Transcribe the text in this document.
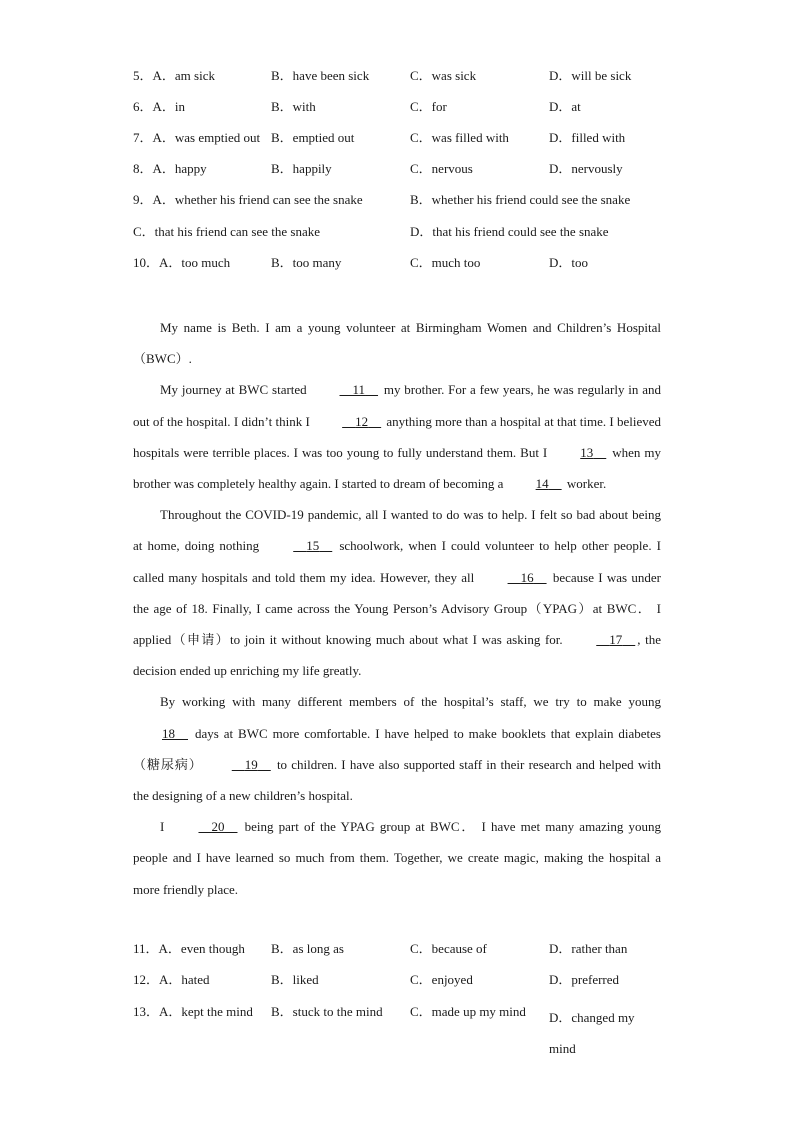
5．A．am sick	B．have been sick	C．was sick	D．will be sick
6．A．in	B．with	C．for	D．at
7．A．was emptied out B．emptied out	C．was filled with	D．filled with
8．A．happy	B．happily	C．nervous	D．nervously
9．A．whether his friend can see the snake	B．whether his friend could see the snake
C．that his friend can see the snake	D．that his friend could see the snake
10．A．too much	B．too many	C．much too	D．too

My name is Beth. I am a young volunteer at Birmingham Women and Children’s Hospital（BWC）.

My journey at BWC started	11     my brother. For a few years, he was regularly in and out of the hospital. I didn’t think I	12     anything more than a hospital at that time. I believed hospitals were terrible places. I was too young to fully understand them. But I 13     when my brother was completely healthy again. I started to dream of becoming a 14     worker.

Throughout the COVID-19 pandemic, all I wanted to do was to help. I felt so bad about being at home, doing nothing	15     schoolwork, when I could volunteer to help other people. I called many hospitals and told them my idea. However, they all	16     because I was under the age of 18. Finally, I came across the Young Person’s Advisory Group（YPAG）at BWC． I applied（申请）to join it without knowing much about what I was asking for.	17 , the decision ended up enriching my life greatly.

By working with many different members of the hospital’s staff, we try to make young 18     days at BWC more comfortable. I have helped to make booklets that explain diabetes（糖尿病）	19     to children. I have also supported staff in their research and helped with the designing of a new children’s hospital.

I	20     being part of the YPAG group at BWC． I have met many amazing young people and I have learned so much from them. Together, we create magic, making the hospital a more friendly place.

11．A．even though B．as long as	C．because of	D．rather than
12．A．hated	B．liked	C．enjoyed	D．preferred
13．A．kept the mind B．stuck to the mind C．made up my mind D．changed my mind
